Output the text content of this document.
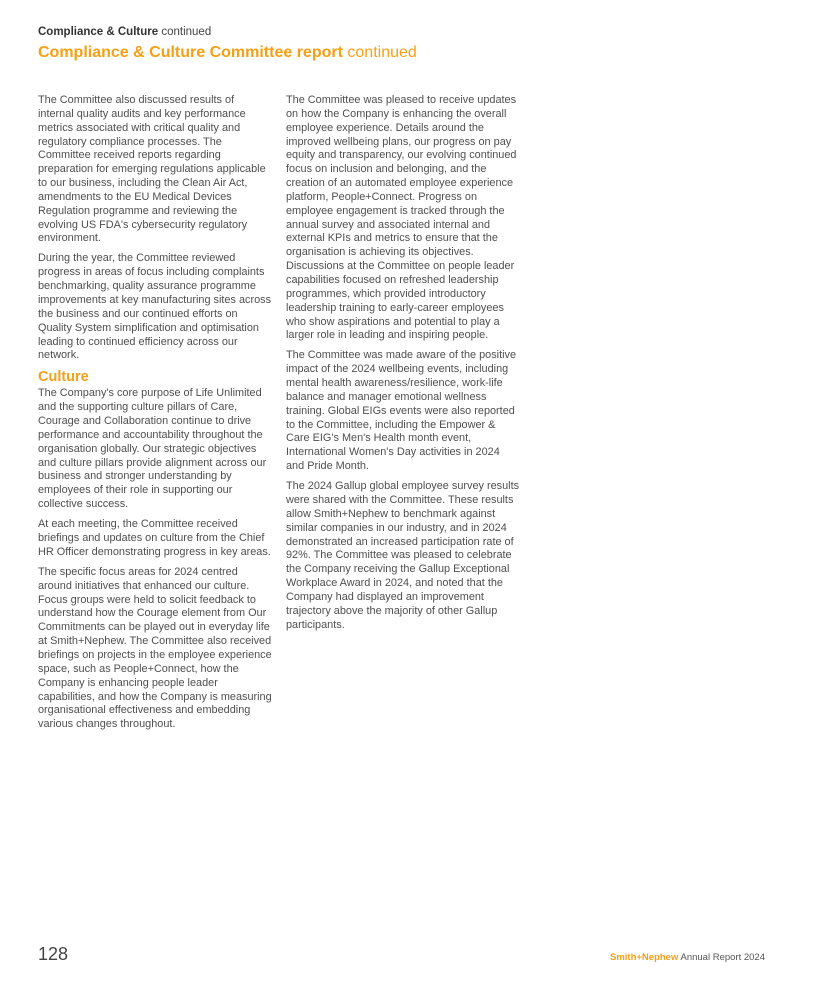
Compliance & Culture continued
Compliance & Culture Committee report continued

The Committee also discussed results of internal quality audits and key performance metrics associated with critical quality and regulatory compliance processes. The Committee received reports regarding preparation for emerging regulations applicable to our business, including the Clean Air Act, amendments to the EU Medical Devices Regulation programme and reviewing the evolving US FDA's cybersecurity regulatory environment.

During the year, the Committee reviewed progress in areas of focus including complaints benchmarking, quality assurance programme improvements at key manufacturing sites across the business and our continued efforts on Quality System simplification and optimisation leading to continued efficiency across our network.

Culture

The Company's core purpose of Life Unlimited and the supporting culture pillars of Care, Courage and Collaboration continue to drive performance and accountability throughout the organisation globally. Our strategic objectives and culture pillars provide alignment across our business and stronger understanding by employees of their role in supporting our collective success.

At each meeting, the Committee received briefings and updates on culture from the Chief HR Officer demonstrating progress in key areas.

The specific focus areas for 2024 centred around initiatives that enhanced our culture. Focus groups were held to solicit feedback to understand how the Courage element from Our Commitments can be played out in everyday life at Smith+Nephew. The Committee also received briefings on projects in the employee experience space, such as People+Connect, how the Company is enhancing people leader capabilities, and how the Company is measuring organisational effectiveness and embedding various changes throughout.

The Committee was pleased to receive updates on how the Company is enhancing the overall employee experience. Details around the improved wellbeing plans, our progress on pay equity and transparency, our evolving continued focus on inclusion and belonging, and the creation of an automated employee experience platform, People+Connect. Progress on employee engagement is tracked through the annual survey and associated internal and external KPIs and metrics to ensure that the organisation is achieving its objectives. Discussions at the Committee on people leader capabilities focused on refreshed leadership programmes, which provided introductory leadership training to early-career employees who show aspirations and potential to play a larger role in leading and inspiring people.

The Committee was made aware of the positive impact of the 2024 wellbeing events, including mental health awareness/resilience, work-life balance and manager emotional wellness training. Global EIGs events were also reported to the Committee, including the Empower & Care EIG's Men's Health month event, International Women's Day activities in 2024 and Pride Month.

The 2024 Gallup global employee survey results were shared with the Committee. These results allow Smith+Nephew to benchmark against similar companies in our industry, and in 2024 demonstrated an increased participation rate of 92%. The Committee was pleased to celebrate the Company receiving the Gallup Exceptional Workplace Award in 2024, and noted that the Company had displayed an improvement trajectory above the majority of other Gallup participants.

128	Smith+Nephew Annual Report 2024
